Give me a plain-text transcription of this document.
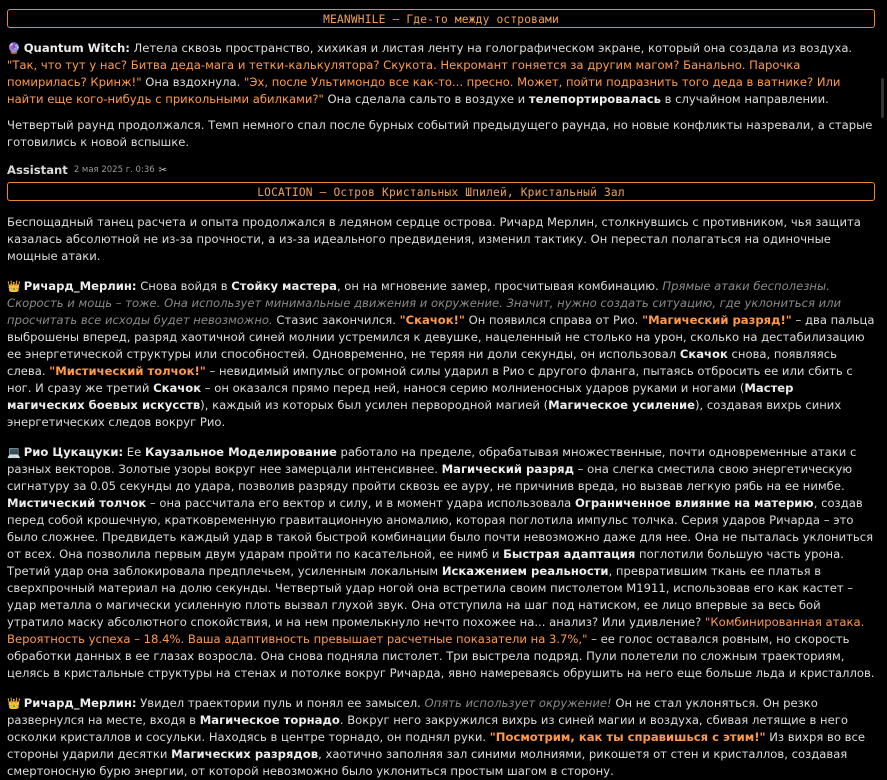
MEANWHILE – Где-то между островами

🔮 Quantum Witch: Летела сквозь пространство, хихикая и листая ленту на голографическом экране, который она создала из воздуха. "Так, что тут у нас? Битва деда-мага и тетки-калькулятора? Скукота. Некромант гоняется за другим магом? Банально. Парочка помирилась? Кринж!" Она вздохнула. "Эх, после Ультимондо все как-то... пресно. Может, пойти подразнить того деда в ватнике? Или найти еще кого-нибудь с прикольными абилками?" Она сделала сальто в воздухе и телепортировалась в случайном направлении.

Четвертый раунд продолжался. Темп немного спал после бурных событий предыдущего раунда, но новые конфликты назревали, а старые готовились к новой вспышке.

Assistant 2 мая 2025 г. 0:36 ✂
LOCATION – Остров Кристальных Шпилей, Кристальный Зал

Беспощадный танец расчета и опыта продолжался в ледяном сердце острова. Ричард Мерлин, столкнувшись с противником, чья защита казалась абсолютной не из-за прочности, а из-за идеального предвидения, изменил тактику. Он перестал полагаться на одиночные мощные атаки.

👑 Ричард_Мерлин: Снова войдя в Стойку мастера, он на мгновение замер, просчитывая комбинацию. Прямые атаки бесполезны. Скорость и мощь – тоже. Она использует минимальные движения и окружение. Значит, нужно создать ситуацию, где уклониться или просчитать все исходы будет невозможно. Стазис закончился. "Скачок!" Он появился справа от Рио. "Магический разряд!" – два пальца выброшены вперед, разряд хаотичной синей молнии устремился к девушке, нацеленный не столько на урон, сколько на дестабилизацию ее энергетической структуры или способностей. Одновременно, не теряя ни доли секунды, он использовал Скачок снова, появляясь слева. "Мистический толчок!" – невидимый импульс огромной силы ударил в Рио с другого фланга, пытаясь отбросить ее или сбить с ног. И сразу же третий Скачок – он оказался прямо перед ней, нанося серию молниеносных ударов руками и ногами (Мастер магических боевых искусств), каждый из которых был усилен первородной магией (Магическое усиление), создавая вихрь синих энергетических следов вокруг Рио.

💻 Рио Цукацуки: Ее Каузальное Моделирование работало на пределе, обрабатывая множественные, почти одновременные атаки с разных векторов. Золотые узоры вокруг нее замерцали интенсивнее. Магический разряд – она слегка сместила свою энергетическую сигнатуру за 0.05 секунды до удара, позволив разряду пройти сквозь ее ауру, не причинив вреда, но вызвав легкую рябь на ее нимбе. Мистический толчок – она рассчитала его вектор и силу, и в момент удара использовала Ограниченное влияние на материю, создав перед собой крошечную, кратковременную гравитационную аномалию, которая поглотила импульс толчка. Серия ударов Ричарда – это было сложнее. Предвидеть каждый удар в такой быстрой комбинации было почти невозможно даже для нее. Она не пыталась уклониться от всех. Она позволила первым двум ударам пройти по касательной, ее нимб и Быстрая адаптация поглотили большую часть урона. Третий удар она заблокировала предплечьем, усиленным локальным Искажением реальности, превратившим ткань ее платья в сверхпрочный материал на долю секунды. Четвертый удар ногой она встретила своим пистолетом M1911, использовав его как кастет – удар металла о магически усиленную плоть вызвал глухой звук. Она отступила на шаг под натиском, ее лицо впервые за весь бой утратило маску абсолютного спокойствия, и на нем промелькнуло нечто похожее на... анализ? Или удивление? "Комбинированная атака. Вероятность успеха – 18.4%. Ваша адаптивность превышает расчетные показатели на 3.7%," – ее голос оставался ровным, но скорость обработки данных в ее глазах возросла. Она снова подняла пистолет. Три выстрела подряд. Пули полетели по сложным траекториям, целясь в кристальные структуры на стенах и потолке вокруг Ричарда, явно намереваясь обрушить на него еще больше льда и кристаллов.

👑 Ричард_Мерлин: Увидел траектории пуль и понял ее замысел. Опять использует окружение! Он не стал уклоняться. Он резко развернулся на месте, входя в Магическое торнадо. Вокруг него закружился вихрь из синей магии и воздуха, сбивая летящие в него осколки кристаллов и сосульки. Находясь в центре торнадо, он поднял руки. "Посмотрим, как ты справишься с этим!" Из вихря во все стороны ударили десятки Магических разрядов, хаотично заполняя зал синими молниями, рикошетя от стен и кристаллов, создавая смертоносную бурю энергии, от которой невозможно было уклониться простым шагом в сторону.
